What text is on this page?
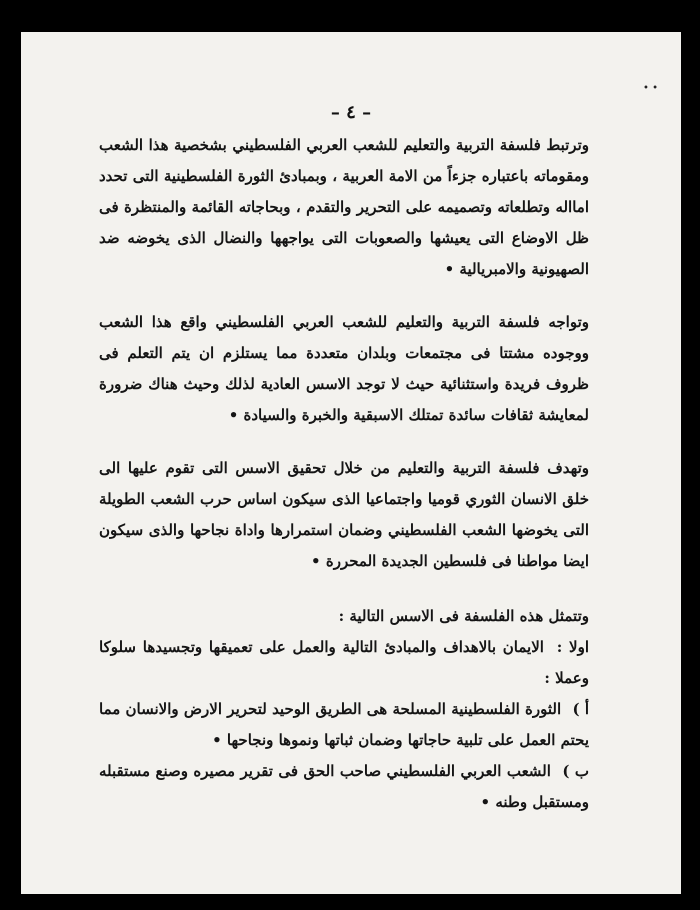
• •
– ٤ –

وترتبط فلسفة التربية والتعليم للشعب العربي الفلسطيني بشخصية هذا الشعب ومقوماته باعتباره جزءاً من الامة العربية ، وبمبادئ الثورة الفلسطينية التى تحدد امااله وتطلعاته وتصميمه على التحرير والتقدم ، وبحاجاته القائمة والمنتظرة فى ظل الاوضاع التى يعيشها والصعوبات التى يواجهها والنضال الذى يخوضه ضد الصهيونية والامبريالية •

وتواجه فلسفة التربية والتعليم للشعب العربي الفلسطيني واقع هذا الشعب ووجوده مشتتا فى مجتمعات وبلدان متعددة مما يستلزم ان يتم التعلم فى ظروف فريدة واستثنائية حيث لا توجد الاسس العادية لذلك وحيث هناك ضرورة لمعايشة ثقافات سائدة تمتلك الاسبقية والخبرة والسيادة •

وتهدف فلسفة التربية والتعليم من خلال تحقيق الاسس التى تقوم عليها الى خلق الانسان الثوري قوميا واجتماعيا الذى سيكون اساس حرب الشعب الطويلة التى يخوضها الشعب الفلسطيني وضمان استمرارها واداة نجاحها والذى سيكون ايضا مواطنا فى فلسطين الجديدة المحررة •

وتتمثل هذه الفلسفة فى الاسس التالية :

اولا : الايمان بالاهداف والمبادئ التالية والعمل على تعميقها وتجسيدها سلوكا وعملا :

أ ) الثورة الفلسطينية المسلحة هى الطريق الوحيد لتحرير الارض والانسان مما يحتم العمل على تلبية حاجاتها وضمان ثباتها ونموها ونجاحها •

ب ) الشعب العربي الفلسطيني صاحب الحق فى تقرير مصيره وصنع مستقبله ومستقبل وطنه •
